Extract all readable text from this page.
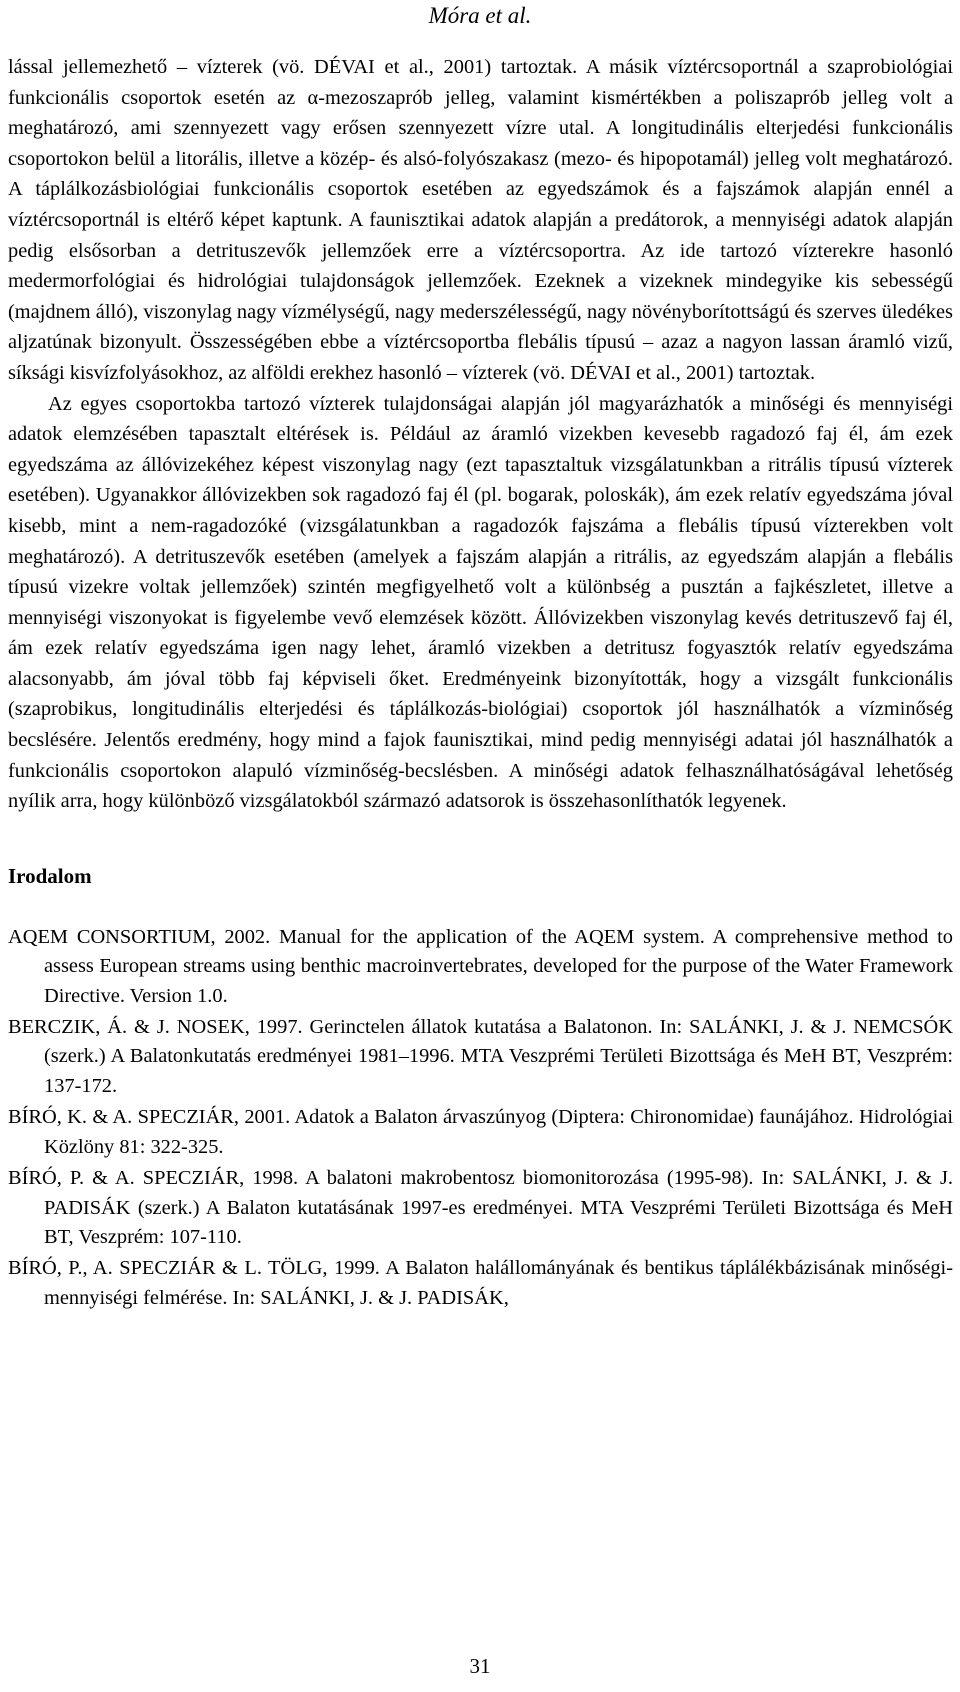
Móra et al.

lással jellemezhető – vízterek (vö. DÉVAI et al., 2001) tartoztak. A másik víztércsoportnál a szaprobiológiai funkcionális csoportok esetén az α-mezoszaprób jelleg, valamint kismértékben a poliszaprób jelleg volt a meghatározó, ami szennyezett vagy erősen szennyezett vízre utal. A longitudinális elterjedési funkcionális csoportokon belül a litorális, illetve a közép- és alsó-folyószakasz (mezo- és hipopotamál) jelleg volt meghatározó. A táplálkozásbiológiai funkcionális csoportok esetében az egyedszámok és a fajszámok alapján ennél a víztércsoportnál is eltérő képet kaptunk. A faunisztikai adatok alapján a predátorok, a mennyiségi adatok alapján pedig elsősorban a detrituszevők jellemzőek erre a víztércsoportra. Az ide tartozó vízterekre hasonló medermorfológiai és hidrológiai tulajdonságok jellemzőek. Ezeknek a vizeknek mindegyike kis sebességű (majdnem álló), viszonylag nagy vízmélységű, nagy mederszélességű, nagy növényborítottságú és szerves üledékes aljzatúnak bizonyult. Összességében ebbe a víztércsoportba flebális típusú – azaz a nagyon lassan áramló vizű, síksági kisvízfolyásokhoz, az alföldi erekhez hasonló – vízterek (vö. DÉVAI et al., 2001) tartoztak.

Az egyes csoportokba tartozó vízterek tulajdonságai alapján jól magyarázhatók a minőségi és mennyiségi adatok elemzésében tapasztalt eltérések is. Például az áramló vizekben kevesebb ragadozó faj él, ám ezek egyedszáma az állóvizekéhez képest viszonylag nagy (ezt tapasztaltuk vizsgálatunkban a ritrális típusú vízterek esetében). Ugyanakkor állóvizekben sok ragadozó faj él (pl. bogarak, poloskák), ám ezek relatív egyedszáma jóval kisebb, mint a nem-ragadozóké (vizsgálatunkban a ragadozók fajszáma a flebális típusú vízterekben volt meghatározó). A detrituszevők esetében (amelyek a fajszám alapján a ritrális, az egyedszám alapján a flebális típusú vizekre voltak jellemzőek) szintén megfigyelhető volt a különbség a pusztán a fajkészletet, illetve a mennyiségi viszonyokat is figyelembe vevő elemzések között. Állóvizekben viszonylag kevés detrituszevő faj él, ám ezek relatív egyedszáma igen nagy lehet, áramló vizekben a detritusz fogyasztók relatív egyedszáma alacsonyabb, ám jóval több faj képviseli őket. Eredményeink bizonyították, hogy a vizsgált funkcionális (szaprobikus, longitudinális elterjedési és táplálkozás-biológiai) csoportok jól használhatók a vízminőség becslésére. Jelentős eredmény, hogy mind a fajok faunisztikai, mind pedig mennyiségi adatai jól használhatók a funkcionális csoportokon alapuló vízminőség-becslésben. A minőségi adatok felhasználhatóságával lehetőség nyílik arra, hogy különböző vizsgálatokból származó adatsorok is összehasonlíthatók legyenek.

Irodalom

AQEM CONSORTIUM, 2002. Manual for the application of the AQEM system. A comprehensive method to assess European streams using benthic macroinvertebrates, developed for the purpose of the Water Framework Directive. Version 1.0.

BERCZIK, Á. & J. NOSEK, 1997. Gerinctelen állatok kutatása a Balatonon. In: SALÁNKI, J. & J. NEMCSÓK (szerk.) A Balatonkutatás eredményei 1981–1996. MTA Veszprémi Területi Bizottsága és MeH BT, Veszprém: 137-172.

BÍRÓ, K. & A. SPECZIÁR, 2001. Adatok a Balaton árvaszúnyog (Diptera: Chironomidae) faunájához. Hidrológiai Közlöny 81: 322-325.

BÍRÓ, P. & A. SPECZIÁR, 1998. A balatoni makrobentosz biomonitorozása (1995-98). In: SALÁNKI, J. & J. PADISÁK (szerk.) A Balaton kutatásának 1997-es eredményei. MTA Veszprémi Területi Bizottsága és MeH BT, Veszprém: 107-110.

BÍRÓ, P., A. SPECZIÁR & L. TÖLG, 1999. A Balaton halállományának és bentikus táplálékbázisának minőségi-mennyiségi felmérése. In: SALÁNKI, J. & J. PADISÁK,

31
